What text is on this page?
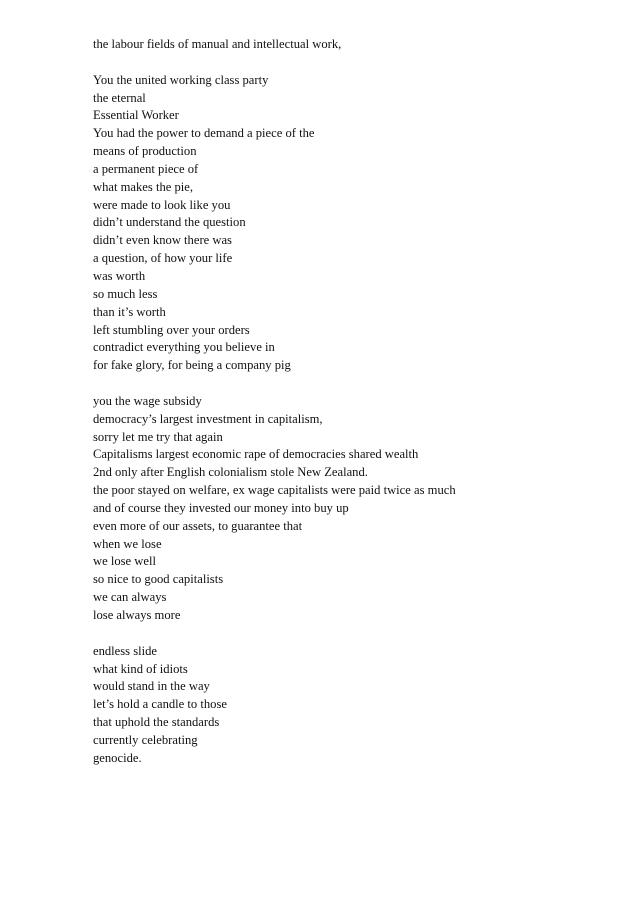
the labour fields of manual and intellectual work,
You the united working class party
the eternal
Essential Worker
You had the power to demand a piece of the
means of production
a permanent piece of
what makes the pie,
were made to look like you
didn’t understand the question
didn’t even know there was
a question, of how your life
was worth
so much less
than it’s worth
left stumbling over your orders
contradict everything you believe in
for fake glory, for being a company pig
you the wage subsidy
democracy’s largest investment in capitalism,
sorry let me try that again
Capitalisms largest economic rape of democracies shared wealth
2nd only after English colonialism stole New Zealand.
the poor stayed on welfare, ex wage capitalists were paid twice as much
and of course they invested our money into buy up
even more of our assets, to guarantee that
when we lose
we lose well
so nice to good capitalists
we can always
lose always more
endless slide
what kind of idiots
would stand in the way
let’s hold a candle to those
that uphold the standards
currently celebrating
genocide.
